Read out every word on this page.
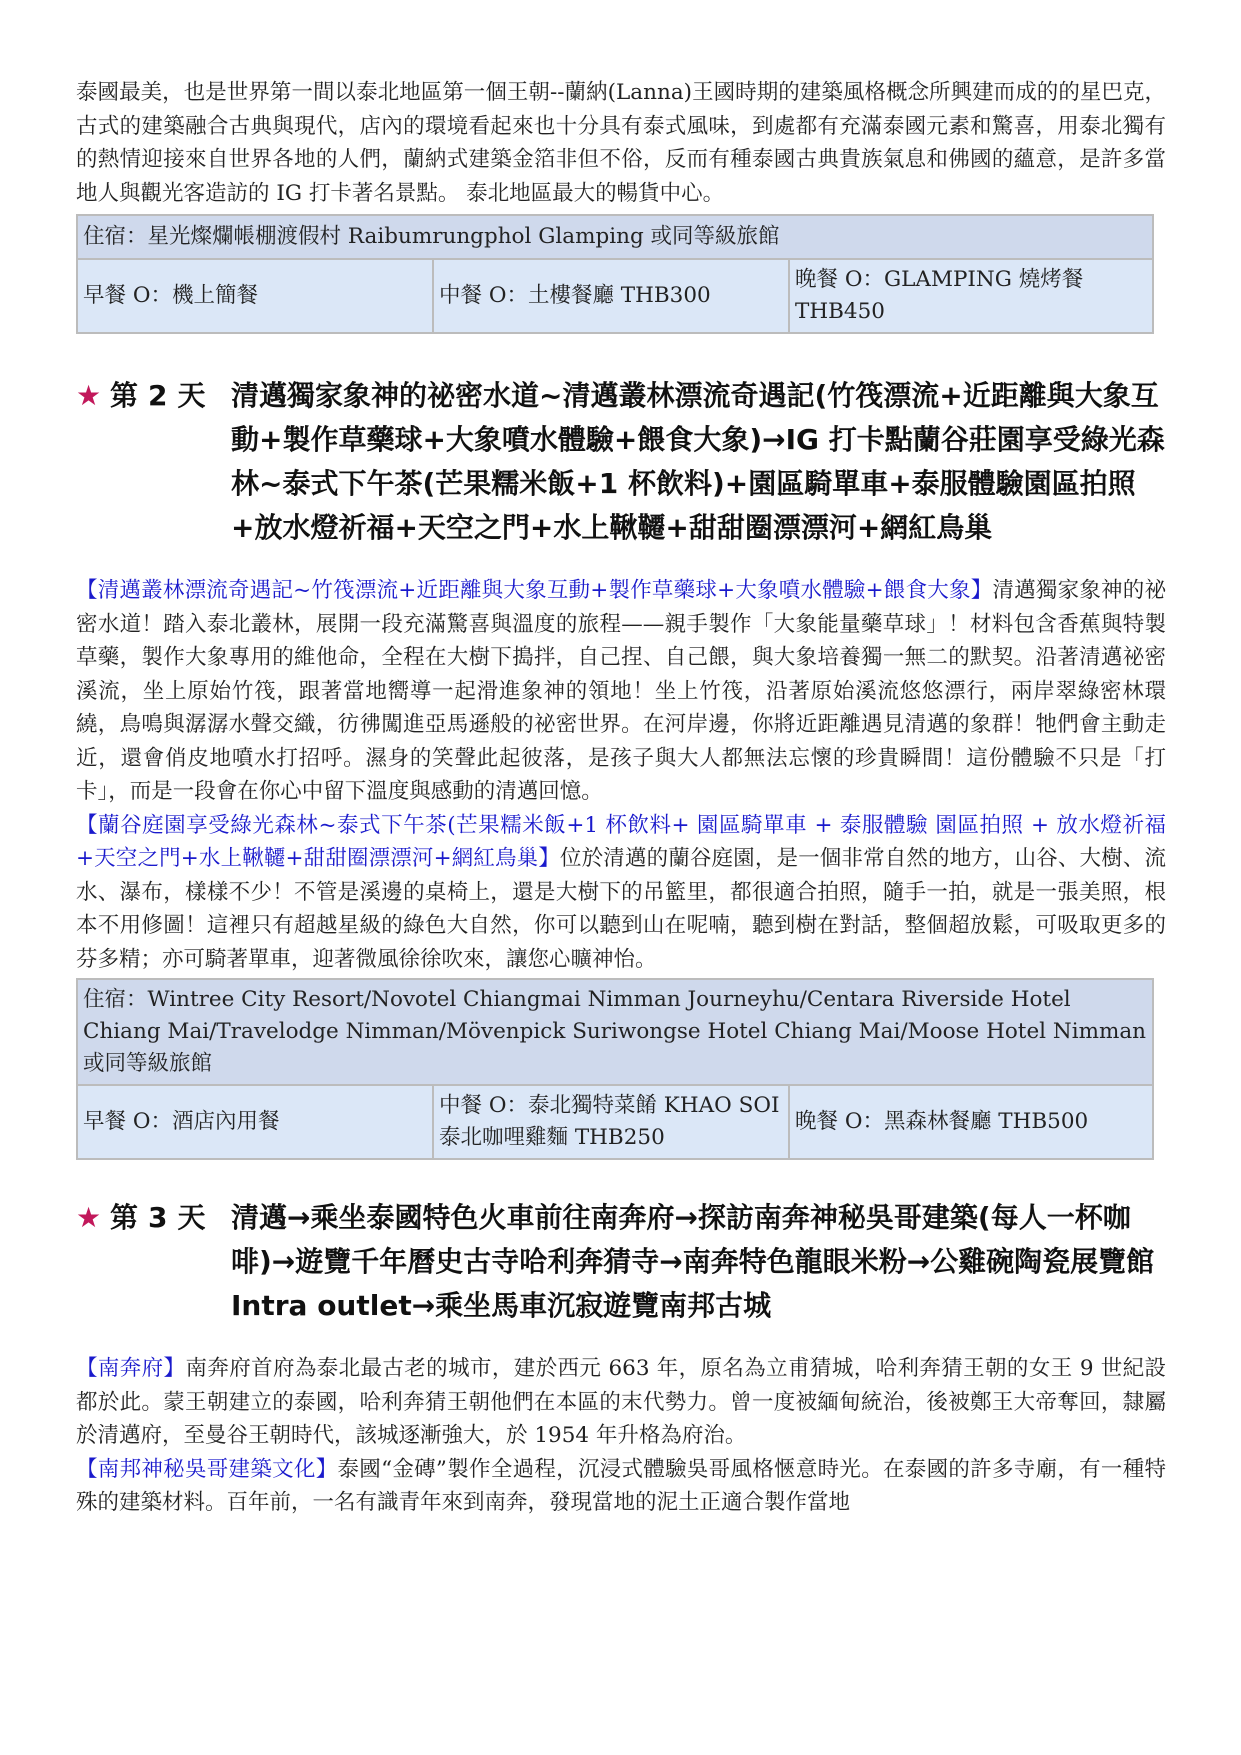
泰國最美，也是世界第一間以泰北地區第一個王朝--蘭納(Lanna)王國時期的建築風格概念所興建而成的的星巴克，古式的建築融合古典與現代，店內的環境看起來也十分具有泰式風味，到處都有充滿泰國元素和驚喜，用泰北獨有的熱情迎接來自世界各地的人們，蘭納式建築金箔非但不俗，反而有種泰國古典貴族氣息和佛國的蘊意，是許多當地人與觀光客造訪的 IG 打卡著名景點。 泰北地區最大的暢貨中心。

住宿：星光燦爛帳棚渡假村 Raibumrungphol Glamping 或同等級旅館
早餐 O：機上簡餐	中餐 O：土樓餐廳 THB300	晚餐 O：GLAMPING 燒烤餐 THB450
★ 第 2 天 清邁獨家象神的祕密水道~清邁叢林漂流奇遇記(竹筏漂流+近距離與大象互動+製作草藥球+大象噴水體驗+餵食大象)→IG 打卡點蘭谷莊園享受綠光森林~泰式下午茶(芒果糯米飯+1 杯飲料)+園區騎單車+泰服體驗園區拍照+放水燈祈福+天空之門+水上鞦韆+甜甜圈漂漂河+網紅鳥巢

【清邁叢林漂流奇遇記~竹筏漂流+近距離與大象互動+製作草藥球+大象噴水體驗+餵食大象】清邁獨家象神的祕密水道！踏入泰北叢林，展開一段充滿驚喜與溫度的旅程——親手製作「大象能量藥草球」！材料包含香蕉與特製草藥，製作大象專用的維他命，全程在大樹下搗拌，自己捏、自己餵，與大象培養獨一無二的默契。沿著清邁祕密溪流，坐上原始竹筏，跟著當地嚮導一起滑進象神的領地！坐上竹筏，沿著原始溪流悠悠漂行，兩岸翠綠密林環繞，鳥鳴與潺潺水聲交織，彷彿闖進亞馬遜般的祕密世界。在河岸邊，你將近距離遇見清邁的象群！牠們會主動走近，還會俏皮地噴水打招呼。濕身的笑聲此起彼落，是孩子與大人都無法忘懷的珍貴瞬間！這份體驗不只是「打卡」，而是一段會在你心中留下溫度與感動的清邁回憶。

【蘭谷庭園享受綠光森林~泰式下午茶(芒果糯米飯+1 杯飲料+ 園區騎單車 + 泰服體驗 園區拍照 + 放水燈祈福+天空之門+水上鞦韆+甜甜圈漂漂河+網紅鳥巢】位於清邁的蘭谷庭園，是一個非常自然的地方，山谷、大樹、流水、瀑布，樣樣不少！不管是溪邊的桌椅上，還是大樹下的吊籃里，都很適合拍照，隨手一拍，就是一張美照，根本不用修圖！這裡只有超越星級的綠色大自然，你可以聽到山在呢喃，聽到樹在對話，整個超放鬆，可吸取更多的芬多精；亦可騎著單車，迎著微風徐徐吹來，讓您心曠神怡。

住宿：Wintree City Resort/Novotel Chiangmai Nimman Journeyhu/Centara Riverside Hotel Chiang Mai/Travelodge Nimman/Mövenpick Suriwongse Hotel Chiang Mai/Moose Hotel Nimman 或同等級旅館
早餐 O：酒店內用餐	中餐 O：泰北獨特菜餚 KHAO SOI 泰北咖哩雞麵 THB250	晚餐 O：黑森林餐廳 THB500
★ 第 3 天 清邁→乘坐泰國特色火車前往南奔府→探訪南奔神秘吳哥建築(每人一杯咖啡)→遊覽千年曆史古寺哈利奔猜寺→南奔特色龍眼米粉→公雞碗陶瓷展覽館 Intra outlet→乘坐馬車沉寂遊覽南邦古城

【南奔府】南奔府首府為泰北最古老的城市，建於西元 663 年，原名為立甫猜城，哈利奔猜王朝的女王 9 世紀設都於此。蒙王朝建立的泰國，哈利奔猜王朝他們在本區的末代勢力。曾一度被緬甸統治，後被鄭王大帝奪回，隸屬於清邁府，至曼谷王朝時代，該城逐漸強大，於 1954 年升格為府治。

【南邦神秘吳哥建築文化】泰國“金磚”製作全過程，沉浸式體驗吳哥風格愜意時光。在泰國的許多寺廟，有一種特殊的建築材料。百年前，一名有識青年來到南奔，發現當地的泥土正適合製作當地
